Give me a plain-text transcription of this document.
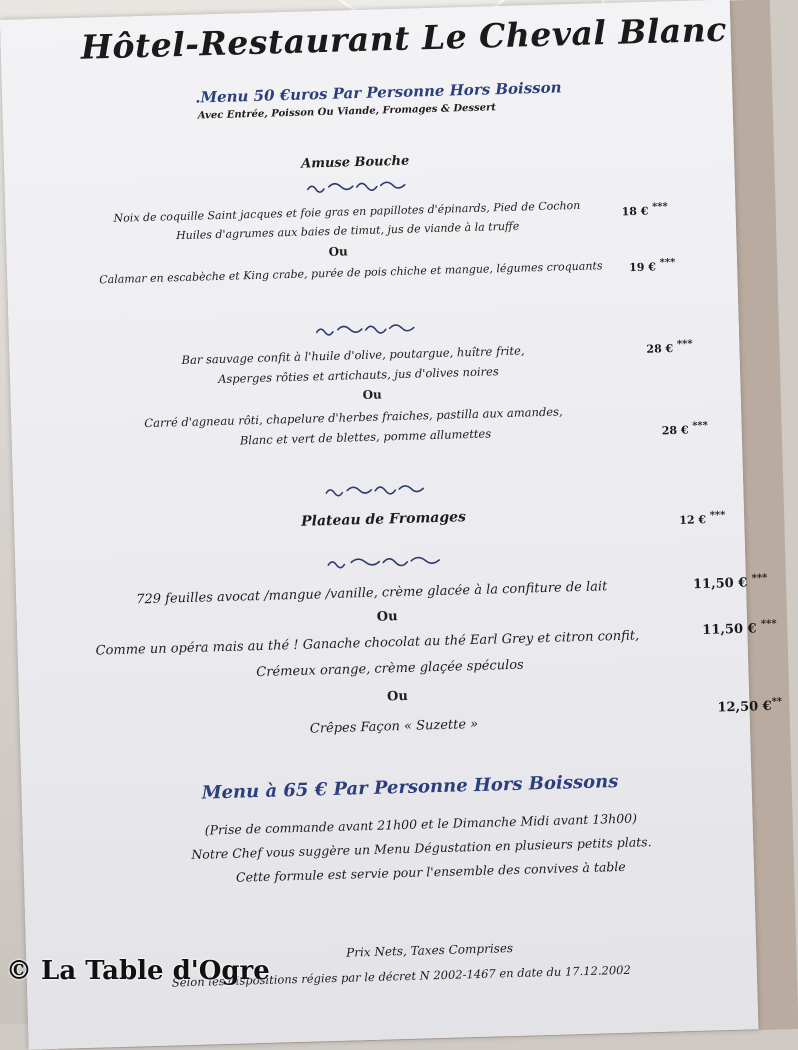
Hôtel-Restaurant Le Cheval Blanc
.Menu 50 €uros Par Personne Hors Boisson
Avec Entrée, Poisson Ou Viande, Fromages & Dessert
Amuse Bouche
Noix de coquille Saint jacques et foie gras en papillotes d'épinards, Pied de Cochon
Huiles d'agrumes aux baies de timut, jus de viande à la truffe
18 € ***
Ou
Calamar en escabèche et King crabe, purée de pois chiche et mangue, légumes croquants 19 € ***
Bar sauvage confit à l'huile d'olive, poutargue, huître frite,
Asperges rôties et artichauts, jus d'olives noires
28 € ***
Ou
Carré d'agneau rôti, chapelure d'herbes fraiches, pastilla aux amandes,
Blanc et vert de blettes, pomme allumettes	28 € ***
Plateau de Fromages	12 € ***
729 feuilles avocat /mangue /vanille, crème glacée à la confiture de lait	11,50 € ***
Ou
Comme un opéra mais au thé ! Ganache chocolat au thé Earl Grey et citron confit,
Crémeux orange, crème glaçée spéculos
11,50 € ***
Ou
Crêpes Façon « Suzette »
12,50 €**
Menu à 65 € Par Personne Hors Boissons
(Prise de commande avant 21h00 et le Dimanche Midi avant 13h00)
Notre Chef vous suggère un Menu Dégustation en plusieurs petits plats.
Cette formule est servie pour l'ensemble des convives à table
Prix Nets, Taxes Comprises
Selon les dispositions régies par le décret N 2002-1467 en date du 17.12.2002
© La Table d'Ogre
